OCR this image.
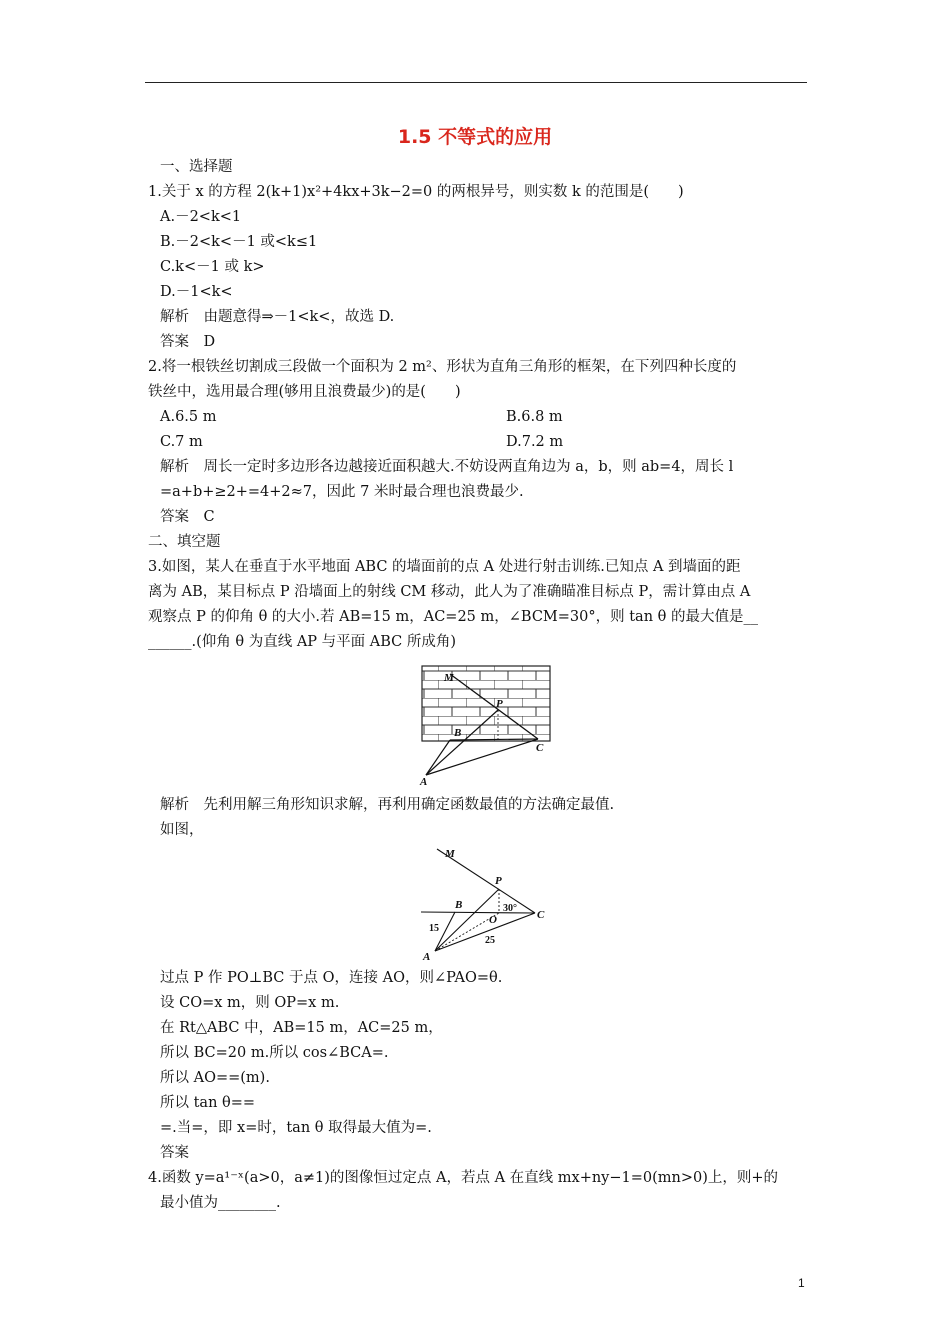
1.5 不等式的应用
一、选择题
1.关于 x 的方程 2(k+1)x²+4kx+3k−2=0 的两根异号，则实数 k 的范围是(　　)
A.－2<k<1
B.－2<k<－1 或<k≤1
C.k<－1 或 k>
D.－1<k<
解析　由题意得⇒－1<k<，故选 D.
答案　D
2.将一根铁丝切割成三段做一个面积为 2 m²、形状为直角三角形的框架，在下列四种长度的
铁丝中，选用最合理(够用且浪费最少)的是(　　)
A.6.5 m	B.6.8 m
C.7 m	D.7.2 m
解析　周长一定时多边形各边越接近面积越大.不妨设两直角边为 a，b，则 ab=4，周长 l
=a+b+≥2+=4+2≈7，因此 7 米时最合理也浪费最少.
答案　C
二、填空题
3.如图，某人在垂直于水平地面 ABC 的墙面前的点 A 处进行射击训练.已知点 A 到墙面的距
离为 AB，某目标点 P 沿墙面上的射线 CM 移动，此人为了准确瞄准目标点 P，需计算由点 A
观察点 P 的仰角 θ 的大小.若 AB=15 m，AC=25 m，∠BCM=30°，则 tan θ 的最大值是__
______.(仰角 θ 为直线 AP 与平面 ABC 所成角)
M
P
B
C
A
解析　先利用解三角形知识求解，再利用确定函数最值的方法确定最值.
如图，
M
P
B
O	C
A
30°
15
25
过点 P 作 PO⊥BC 于点 O，连接 AO，则∠PAO=θ.
设 CO=x m，则 OP=x m.
在 Rt△ABC 中，AB=15 m，AC=25 m，
所以 BC=20 m.所以 cos∠BCA=.
所以 AO==(m).
所以 tan θ==
=.当=，即 x=时，tan θ 取得最大值为=.
答案
4.函数 y=a¹⁻ˣ(a>0，a≠1)的图像恒过定点 A，若点 A 在直线 mx+ny−1=0(mn>0)上，则+的
最小值为________.
1
